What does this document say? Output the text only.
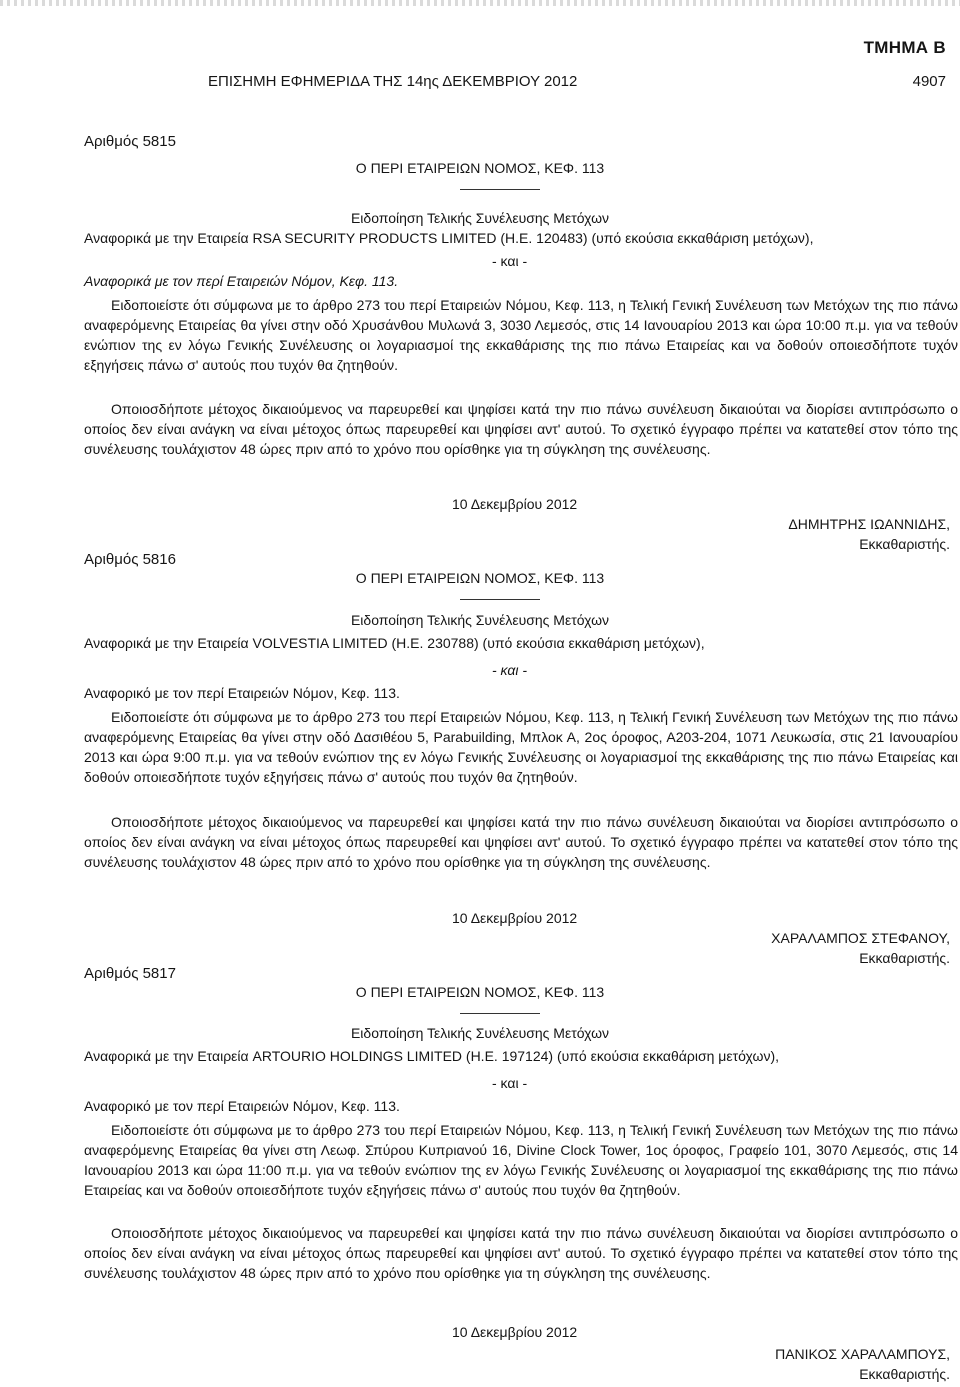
ΤΜΗΜΑ Β
ΕΠΙΣΗΜΗ ΕΦΗΜΕΡΙΔΑ ΤΗΣ 14ης ΔΕΚΕΜΒΡΙΟΥ 2012	4907
Αριθμός 5815
Ο ΠΕΡΙ ΕΤΑΙΡΕΙΩΝ ΝΟΜΟΣ, ΚΕΦ. 113
Ειδοποίηση Τελικής Συνέλευσης Μετόχων
Αναφορικά με την Εταιρεία RSA SECURITY PRODUCTS LIMITED (Η.Ε. 120483) (υπό εκούσια εκκαθάριση μετόχων),
- και -
Αναφορικά με τον περί Εταιρειών Νόμον, Κεφ. 113.
Ειδοποιείστε ότι σύμφωνα με το άρθρο 273 του περί Εταιρειών Νόμου, Κεφ. 113, η Τελική Γενική Συνέλευση των Μετόχων της πιο πάνω αναφερόμενης Εταιρείας θα γίνει στην οδό Χρυσάνθου Μυλωνά 3, 3030 Λεμεσός, στις 14 Ιανουαρίου 2013 και ώρα 10:00 π.μ. για να τεθούν ενώπιον της εν λόγω Γενικής Συνέλευσης οι λογαριασμοί της εκκαθάρισης της πιο πάνω Εταιρείας και να δοθούν οποιεσδήποτε τυχόν εξηγήσεις πάνω σ' αυτούς που τυχόν θα ζητηθούν.
Οποιοσδήποτε μέτοχος δικαιούμενος να παρευρεθεί και ψηφίσει κατά την πιο πάνω συνέλευση δικαιούται να διορίσει αντιπρόσωπο ο οποίος δεν είναι ανάγκη να είναι μέτοχος όπως παρευρεθεί και ψηφίσει αντ' αυτού. Το σχετικό έγγραφο πρέπει να κατατεθεί στον τόπο της συνέλευσης τουλάχιστον 48 ώρες πριν από το χρόνο που ορίσθηκε για τη σύγκληση της συνέλευσης.
10 Δεκεμβρίου 2012
ΔΗΜΗΤΡΗΣ ΙΩΑΝΝΙΔΗΣ,
Εκκαθαριστής.
Αριθμός 5816
Ο ΠΕΡΙ ΕΤΑΙΡΕΙΩΝ ΝΟΜΟΣ, ΚΕΦ. 113
Ειδοποίηση Τελικής Συνέλευσης Μετόχων
Αναφορικά με την Εταιρεία VOLVESTIA LIMITED (Η.Ε. 230788) (υπό εκούσια εκκαθάριση μετόχων),
- και -
Αναφορικό με τον περί Εταιρειών Νόμον, Κεφ. 113.
Ειδοποιείστε ότι σύμφωνα με το άρθρο 273 του περί Εταιρειών Νόμου, Κεφ. 113, η Τελική Γενική Συνέλευση των Μετόχων της πιο πάνω αναφερόμενης Εταιρείας θα γίνει στην οδό Δασιθέου 5, Parabuilding, Μπλοκ Α, 2ος όροφος, Α203-204, 1071 Λευκωσία, στις 21 Ιανουαρίου 2013 και ώρα 9:00 π.μ. για να τεθούν ενώπιον της εν λόγω Γενικής Συνέλευσης οι λογαριασμοί της εκκαθάρισης της πιο πάνω Εταιρείας και δοθούν οποιεσδήποτε τυχόν εξηγήσεις πάνω σ' αυτούς που τυχόν θα ζητηθούν.
Οποιοσδήποτε μέτοχος δικαιούμενος να παρευρεθεί και ψηφίσει κατά την πιο πάνω συνέλευση δικαιούται να διορίσει αντιπρόσωπο ο οποίος δεν είναι ανάγκη να είναι μέτοχος όπως παρευρεθεί και ψηφίσει αντ' αυτού. Το σχετικό έγγραφο πρέπει να κατατεθεί στον τόπο της συνέλευσης τουλάχιστον 48 ώρες πριν από το χρόνο που ορίσθηκε για τη σύγκληση της συνέλευσης.
10 Δεκεμβρίου 2012
ΧΑΡΑΛΑΜΠΟΣ ΣΤΕΦΑΝΟΥ,
Εκκαθαριστής.
Αριθμός 5817
Ο ΠΕΡΙ ΕΤΑΙΡΕΙΩΝ ΝΟΜΟΣ, ΚΕΦ. 113
Ειδοποίηση Τελικής Συνέλευσης Μετόχων
Αναφορικά με την Εταιρεία ARTOURIO HOLDINGS LIMITED (Η.Ε. 197124) (υπό εκούσια εκκαθάριση μετόχων),
- και -
Αναφορικό με τον περί Εταιρειών Νόμον, Κεφ. 113.
Ειδοποιείστε ότι σύμφωνα με το άρθρο 273 του περί Εταιρειών Νόμου, Κεφ. 113, η Τελική Γενική Συνέλευση των Μετόχων της πιο πάνω αναφερόμενης Εταιρείας θα γίνει στη Λεωφ. Σπύρου Κυπριανού 16, Divine Clock Tower, 1ος όροφος, Γραφείο 101, 3070 Λεμεσός, στις 14 Ιανουαρίου 2013 και ώρα 11:00 π.μ. για να τεθούν ενώπιον της εν λόγω Γενικής Συνέλευσης οι λογαριασμοί της εκκαθάρισης της πιο πάνω Εταιρείας και να δοθούν οποιεσδήποτε τυχόν εξηγήσεις πάνω σ' αυτούς που τυχόν θα ζητηθούν.
Οποιοσδήποτε μέτοχος δικαιούμενος να παρευρεθεί και ψηφίσει κατά την πιο πάνω συνέλευση δικαιούται να διορίσει αντιπρόσωπο ο οποίος δεν είναι ανάγκη να είναι μέτοχος όπως παρευρεθεί και ψηφίσει αντ' αυτού. Το σχετικό έγγραφο πρέπει να κατατεθεί στον τόπο της συνέλευσης τουλάχιστον 48 ώρες πριν από το χρόνο που ορίσθηκε για τη σύγκληση της συνέλευσης.
10 Δεκεμβρίου 2012
ΠΑΝΙΚΟΣ ΧΑΡΑΛΑΜΠΟΥΣ,
Εκκαθαριστής.
